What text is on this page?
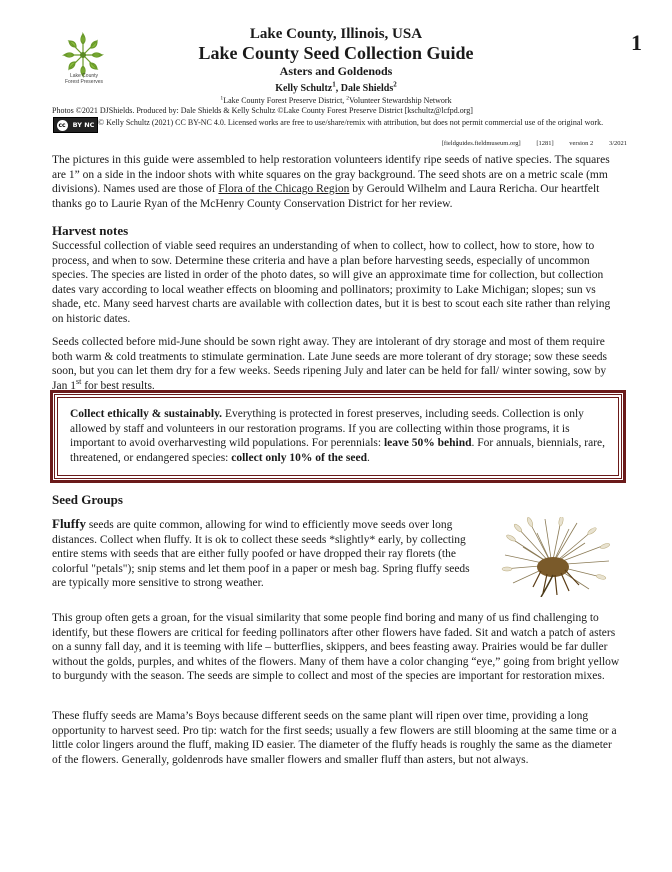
Lake County
Forest Preserves
1
Lake County, Illinois, USA
Lake County Seed Collection Guide
Asters and Goldenods
Kelly Schultz$^1$, Dale Shields$^2$
$^1$Lake County Forest Preserve District, $^2$Volunteer Stewardship Network
Photos ©2021 DJShields. Produced by: Dale Shields & Kelly Schultz ©Lake County Forest Preserve District [kschultz@lcfpd.org]
cc BY NC © Kelly Schultz (2021) CC BY-NC 4.0. Licensed works are free to use/share/remix with attribution, but does not permit commercial use of the original work.
[fieldguides.fieldmuseum.org] [1281] version 2 3/2021
The pictures in this guide were assembled to help restoration volunteers identify ripe seeds of native species. The squares are 1” on a side in the indoor shots with white squares on the gray background. The seed shots are on a metric scale (mm divisions). Names used are those of Flora of the Chicago Region by Gerould Wilhelm and Laura Rericha. Our heartfelt thanks go to Laurie Ryan of the McHenry County Conservation District for her review.
Harvest notes
Successful collection of viable seed requires an understanding of when to collect, how to collect, how to store, how to process, and when to sow. Determine these criteria and have a plan before harvesting seeds, especially of uncommon species. The species are listed in order of the photo dates, so will give an approximate time for collection, but collection dates vary according to local weather effects on blooming and pollinators; proximity to Lake Michigan; slopes; sun vs shade, etc. Many seed harvest charts are available with collection dates, but it is best to scout each site rather than relying on historic dates.
Seeds collected before mid-June should be sown right away. They are intolerant of dry storage and most of them require both warm & cold treatments to stimulate germination. Late June seeds are more tolerant of dry storage; sow these seeds soon, but you can let them dry for a few weeks. Seeds ripening July and later can be held for fall/ winter sowing, sow by Jan 1st for best results.
Collect ethically & sustainably. Everything is protected in forest preserves, including seeds. Collection is only allowed by staff and volunteers in our restoration programs. If you are collecting within those programs, it is important to avoid overharvesting wild populations. For perennials: leave 50% behind. For annuals, biennials, rare, threatened, or endangered species: collect only 10% of the seed.
Seed Groups
Fluffy seeds are quite common, allowing for wind to efficiently move seeds over long distances. Collect when fluffy. It is ok to collect these seeds *slightly* early, by collecting entire stems with seeds that are either fully poofed or have dropped their ray florets (the colorful "petals"); snip stems and let them poof in a paper or mesh bag. Spring fluffy seeds are typically more sensitive to strong weather.
This group often gets a groan, for the visual similarity that some people find boring and many of us find challenging to identify, but these flowers are critical for feeding pollinators after other flowers have faded. Sit and watch a patch of asters on a sunny fall day, and it is teeming with life – butterflies, skippers, and bees feasting away. Prairies would be far duller without the golds, purples, and whites of the flowers. Many of them have a color changing “eye,” going from bright yellow to burgundy with the season. The seeds are simple to collect and most of the species are important for restoration mixes.
These fluffy seeds are Mama’s Boys because different seeds on the same plant will ripen over time, providing a long opportunity to harvest seed. Pro tip: watch for the first seeds; usually a few flowers are still blooming at the same time or a little color lingers around the fluff, making ID easier. The diameter of the fluffy heads is roughly the same as the diameter of the flowers. Generally, goldenrods have smaller flowers and smaller fluff than asters, but not always.
